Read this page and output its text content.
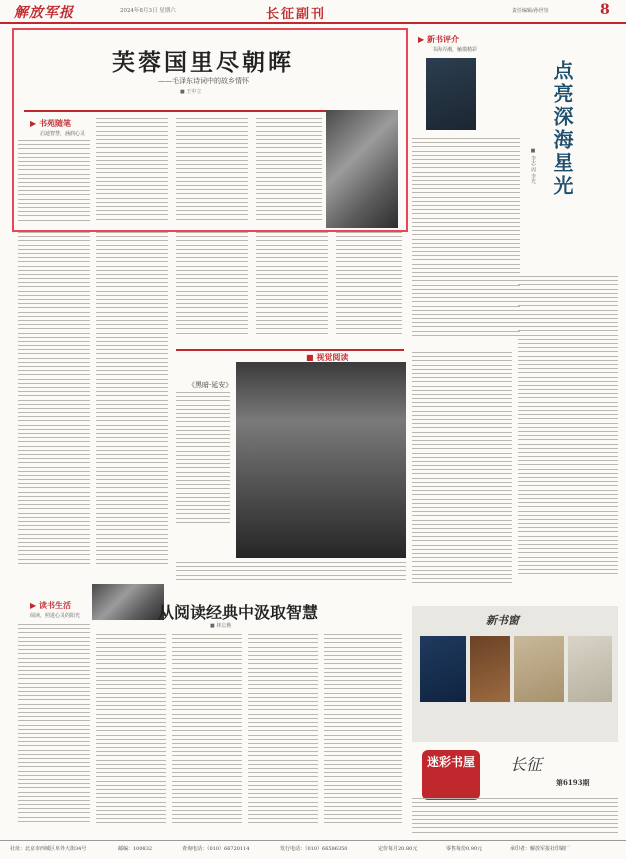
解放军报	2024年8月3日 星期六	长征副刊	责任编辑/孙世崇	8
芙蓉国里尽朝晖
——毛泽东诗词中的故乡情怀
■ 王中立
▶ 书苑随笔
启迪智慧，涵润心灵
■ 视觉阅读
《黑暗·延安》
▶ 读书生活
阅读，照进心灵的阳光	从阅读经典中汲取智慧
■ 林忘樵
▶ 新书评介
书海弄潮，触摸精彩
点亮深海星光
■ 李志 周 李光
新书窗
迷彩书屋	长征
第6193期
社址：北京市西城区阜外大街34号	邮编：100832	查询电话：（010）66720114	发行电话：（010）66586350	定价每月20.80元	零售每份0.90元	承印者：解放军报社印刷厂
